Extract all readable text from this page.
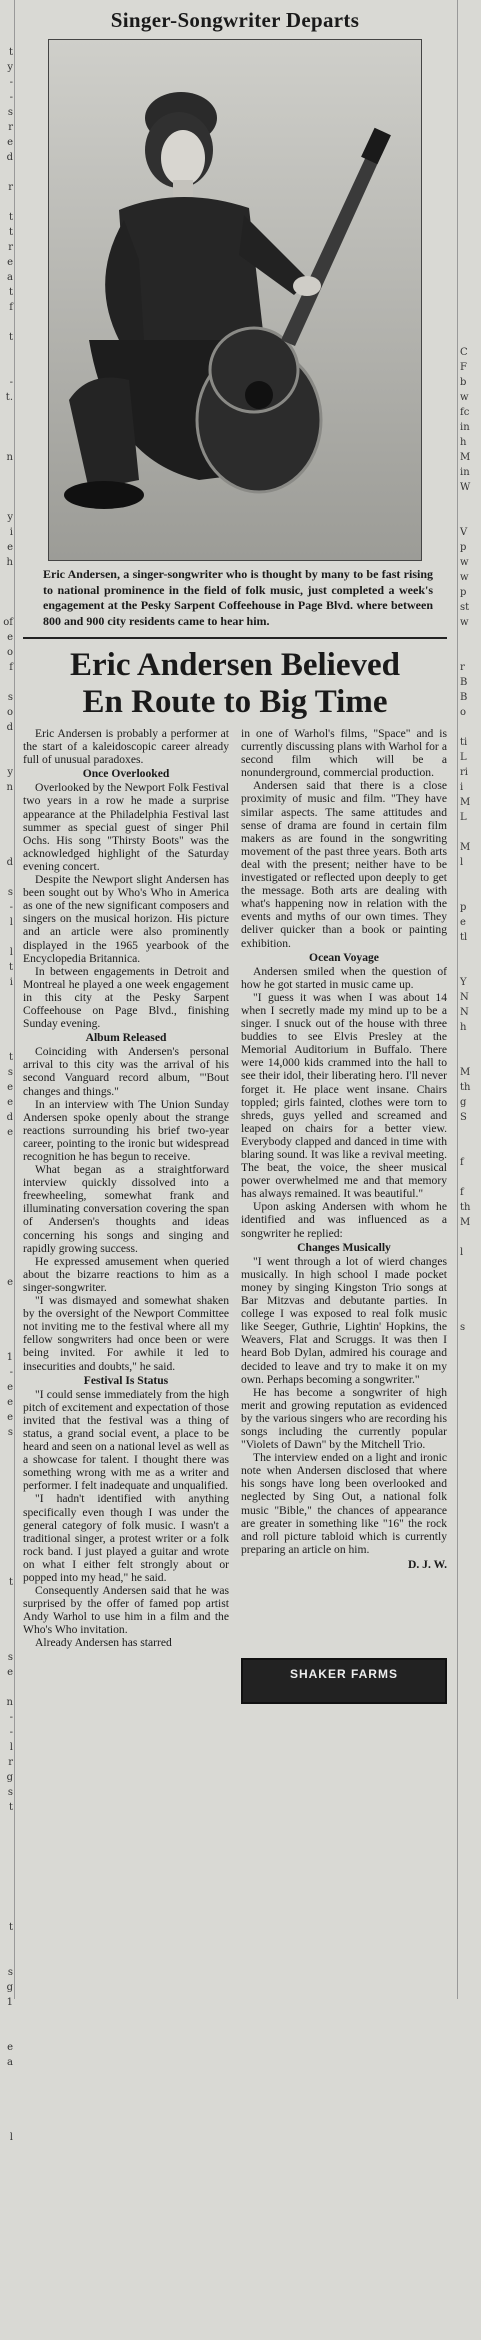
t
y
-
-
s
r
e
d
r
t
t
r
e
a
t
f
t
-
t.
n
y
i
e
h
of
e
o
f
s
o
d
y
n
d
s
-
l
l
t
i
t
s
e
e
d
e
e
1
-
e
e
e
s
t
s
e
n
-
-
l
r
g
s
t
t
s
g
1
e
a
l
C
F
b
w
fc
in
h
M
in
W
V
p
w
w
p
st
w
r
B
B
o
ti
L
ri
i
M
L
M
l
p
e
tl
Y
N
N
h
M
th
g
S
f
f
th
M
l
s
Singer-Songwriter Departs
Eric Andersen, a singer-songwriter who is thought by many to be fast rising to national prominence in the field of folk music, just completed a week's engagement at the Pesky Sarpent Coffeehouse in Page Blvd. where between 800 and 900 city residents came to hear him.
Eric Andersen Believed
En Route to Big Time

Eric Andersen is probably a performer at the start of a kaleidoscopic career already full of unusual paradoxes.

Once Overlooked

Overlooked by the Newport Folk Festival two years in a row he made a surprise appearance at the Philadelphia Festival last summer as special guest of singer Phil Ochs. His song "Thirsty Boots" was the acknowledged highlight of the Saturday evening concert.

Despite the Newport slight Andersen has been sought out by Who's Who in America as one of the new significant composers and singers on the musical horizon. His picture and an article were also prominently displayed in the 1965 yearbook of the Encyclopedia Britannica.

In between engagements in Detroit and Montreal he played a one week engagement in this city at the Pesky Sarpent Coffeehouse on Page Blvd., finishing Sunday evening.

Album Released

Coinciding with Andersen's personal arrival to this city was the arrival of his second Vanguard record album, "'Bout changes and things."

In an interview with The Union Sunday Andersen spoke openly about the strange reactions surrounding his brief two-year career, pointing to the ironic but widespread recognition he has begun to receive.

What began as a straightforward interview quickly dissolved into a freewheeling, somewhat frank and illuminating conversation covering the span of Andersen's thoughts and ideas concerning his songs and singing and rapidly growing success.

He expressed amusement when queried about the bizarre reactions to him as a singer-songwriter.

"I was dismayed and somewhat shaken by the oversight of the Newport Committee not inviting me to the festival where all my fellow songwriters had once been or were being invited. For awhile it led to insecurities and doubts," he said.

Festival Is Status

"I could sense immediately from the high pitch of excitement and expectation of those invited that the festival was a thing of status, a grand social event, a place to be heard and seen on a national level as well as a showcase for talent. I thought there was something wrong with me as a writer and performer. I felt inadequate and unqualified.

"I hadn't identified with anything specifically even though I was under the general category of folk music. I wasn't a traditional singer, a protest writer or a folk rock band. I just played a guitar and wrote on what I either felt strongly about or popped into my head," he said.

Consequently Andersen said that he was surprised by the offer of famed pop artist Andy Warhol to use him in a film and the Who's Who invitation.

Already Andersen has starred

in one of Warhol's films, "Space" and is currently discussing plans with Warhol for a second film which will be a nonunderground, commercial production.

Andersen said that there is a close proximity of music and film. "They have similar aspects. The same attitudes and sense of drama are found in certain film makers as are found in the songwriting movement of the past three years. Both arts deal with the present; neither have to be investigated or reflected upon deeply to get the message. Both arts are dealing with what's happening now in relation with the events and myths of our own times. They deliver quicker than a book or painting exhibition.

Ocean Voyage

Andersen smiled when the question of how he got started in music came up.

"I guess it was when I was about 14 when I secretly made my mind up to be a singer. I snuck out of the house with three buddies to see Elvis Presley at the Memorial Auditorium in Buffalo. There were 14,000 kids crammed into the hall to see their idol, their liberating hero. I'll never forget it. He place went insane. Chairs toppled; girls fainted, clothes were torn to shreds, guys yelled and screamed and leaped on chairs for a better view. Everybody clapped and danced in time with blaring sound. It was like a revival meeting. The beat, the voice, the sheer musical power overwhelmed me and that memory has always remained. It was beautiful."

Upon asking Andersen with whom he identified and was influenced as a songwriter he replied:

Changes Musically

"I went through a lot of wierd changes musically. In high school I made pocket money by singing Kingston Trio songs at Bar Mitzvas and debutante parties. In college I was exposed to real folk music like Seeger, Guthrie, Lightin' Hopkins, the Weavers, Flat and Scruggs. It was then I heard Bob Dylan, admired his courage and decided to leave and try to make it on my own. Perhaps becoming a songwriter."

He has become a songwriter of high merit and growing reputation as evidenced by the various singers who are recording his songs including the currently popular "Violets of Dawn" by the Mitchell Trio.

The interview ended on a light and ironic note when Andersen disclosed that where his songs have long been overlooked and neglected by Sing Out, a national folk music "Bible," the chances of appearance are greater in something like "16" the rock and roll picture tabloid which is currently preparing an article on him.

D. J. W.

SHAKER FARMS
